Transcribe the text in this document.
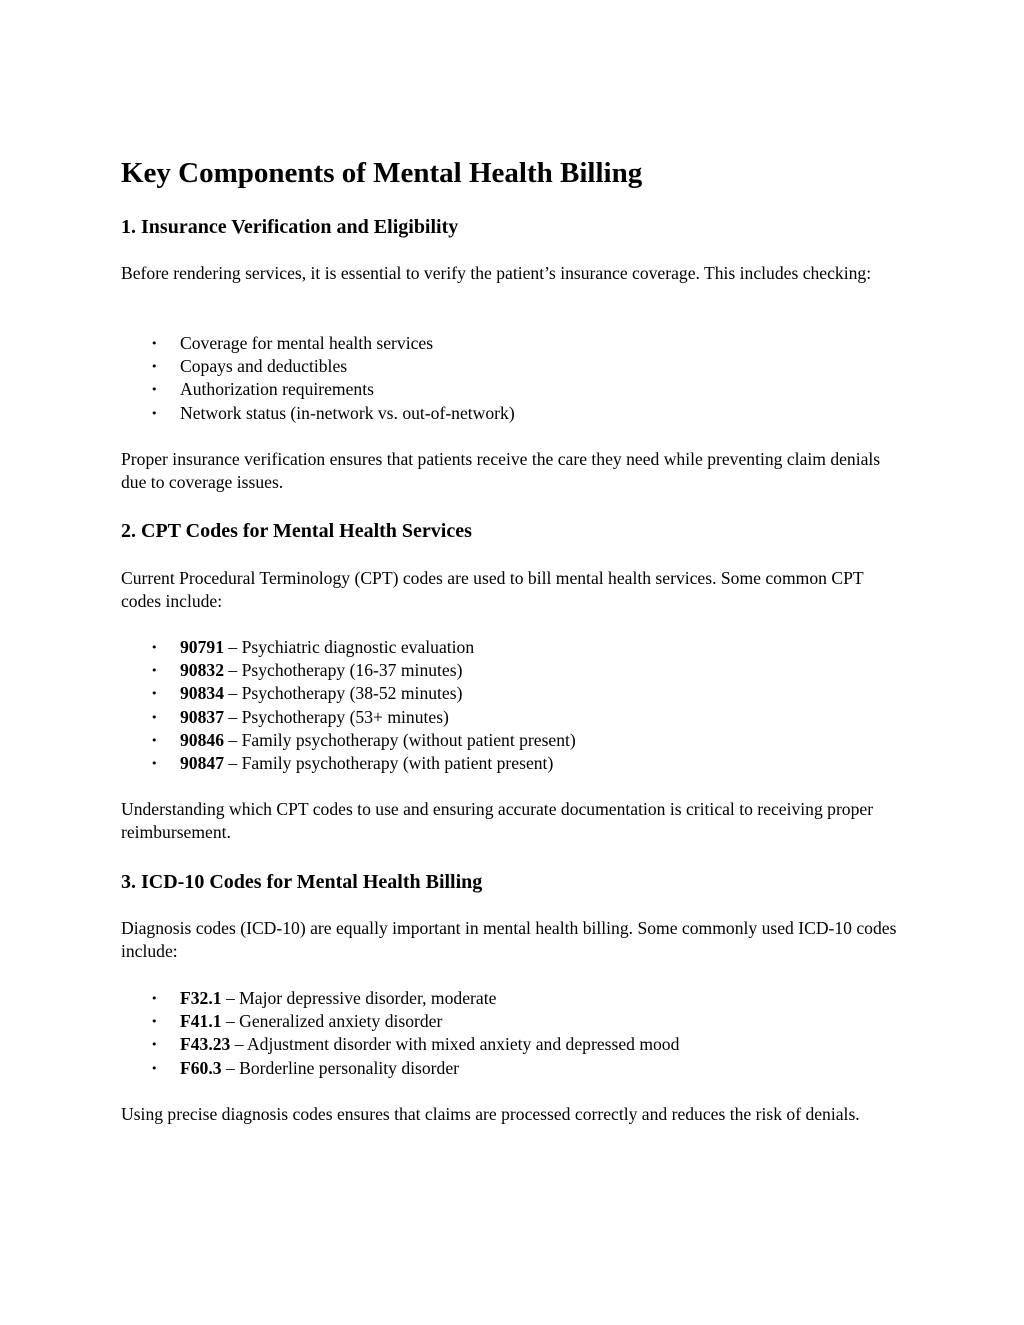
Key Components of Mental Health Billing
1. Insurance Verification and Eligibility

Before rendering services, it is essential to verify the patient’s insurance coverage. This includes checking:

• Coverage for mental health services
• Copays and deductibles
• Authorization requirements
• Network status (in-network vs. out-of-network)

Proper insurance verification ensures that patients receive the care they need while preventing claim denials due to coverage issues.

2. CPT Codes for Mental Health Services

Current Procedural Terminology (CPT) codes are used to bill mental health services. Some common CPT codes include:

• 90791 – Psychiatric diagnostic evaluation
• 90832 – Psychotherapy (16-37 minutes)
• 90834 – Psychotherapy (38-52 minutes)
• 90837 – Psychotherapy (53+ minutes)
• 90846 – Family psychotherapy (without patient present)
• 90847 – Family psychotherapy (with patient present)

Understanding which CPT codes to use and ensuring accurate documentation is critical to receiving proper reimbursement.

3. ICD-10 Codes for Mental Health Billing

Diagnosis codes (ICD-10) are equally important in mental health billing. Some commonly used ICD-10 codes include:

• F32.1 – Major depressive disorder, moderate
• F41.1 – Generalized anxiety disorder
• F43.23 – Adjustment disorder with mixed anxiety and depressed mood
• F60.3 – Borderline personality disorder

Using precise diagnosis codes ensures that claims are processed correctly and reduces the risk of denials.
